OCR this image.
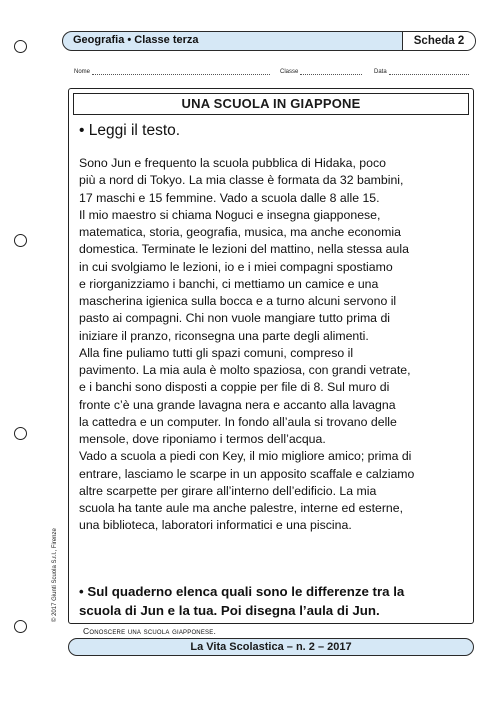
Geografia • Classe terza	Scheda 2
Nome	Classe	Data
UNA SCUOLA IN GIAPPONE
• Leggi il testo.
Sono Jun e frequento la scuola pubblica di Hidaka, poco
più a nord di Tokyo. La mia classe è formata da 32 bambini,
17 maschi e 15 femmine. Vado a scuola dalle 8 alle 15.
Il mio maestro si chiama Noguci e insegna giapponese,
matematica, storia, geografia, musica, ma anche economia
domestica. Terminate le lezioni del mattino, nella stessa aula
in cui svolgiamo le lezioni, io e i miei compagni spostiamo
e riorganizziamo i banchi, ci mettiamo un camice e una
mascherina igienica sulla bocca e a turno alcuni servono il
pasto ai compagni. Chi non vuole mangiare tutto prima di
iniziare il pranzo, riconsegna una parte degli alimenti.
Alla fine puliamo tutti gli spazi comuni, compreso il
pavimento. La mia aula è molto spaziosa, con grandi vetrate,
e i banchi sono disposti a coppie per file di 8. Sul muro di
fronte c’è una grande lavagna nera e accanto alla lavagna
la cattedra e un computer. In fondo all’aula si trovano delle
mensole, dove riponiamo i termos dell’acqua.
Vado a scuola a piedi con Key, il mio migliore amico; prima di
entrare, lasciamo le scarpe in un apposito scaffale e calziamo
altre scarpette per girare all’interno dell’edificio. La mia
scuola ha tante aule ma anche palestre, interne ed esterne,
una biblioteca, laboratori informatici e una piscina.
• Sul quaderno elenca quali sono le differenze tra la
scuola di Jun e la tua. Poi disegna l’aula di Jun.
Conoscere una scuola giapponese.
© 2017 Giunti Scuola S.r.l., Firenze
La Vita Scolastica – n. 2 – 2017
